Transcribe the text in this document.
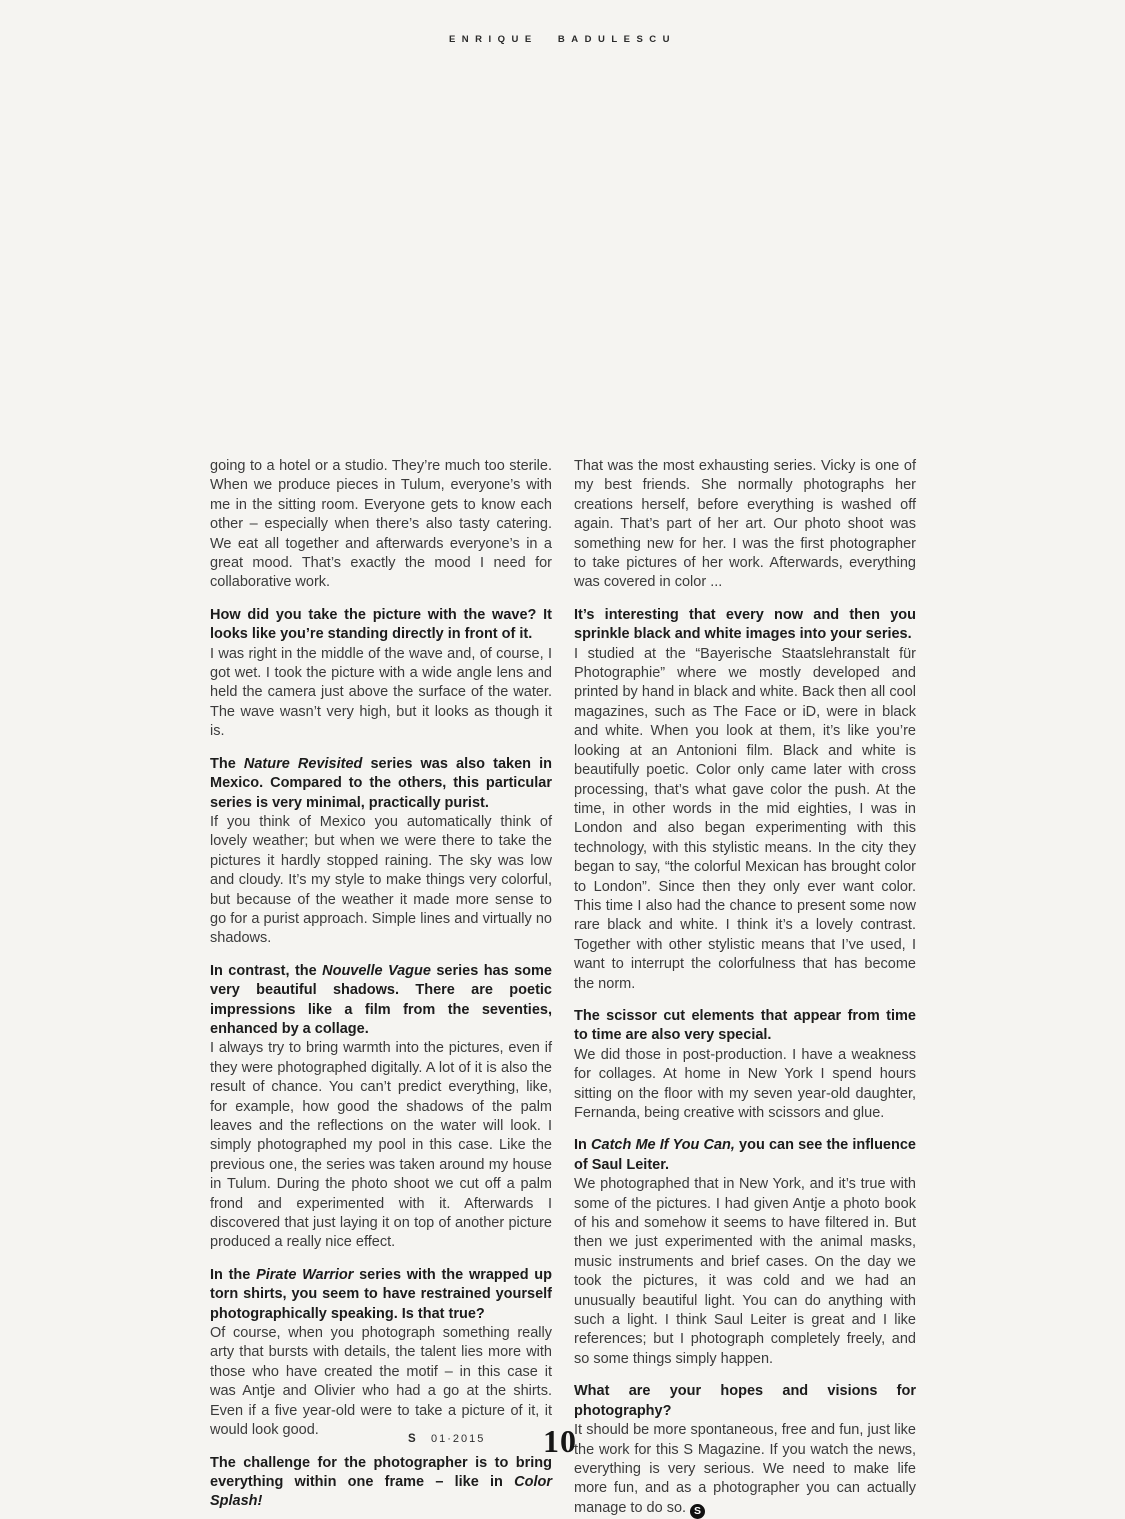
ENRIQUE BADULESCU

going to a hotel or a studio. They’re much too sterile. When we produce pieces in Tulum, everyone’s with me in the sitting room. Everyone gets to know each other – especially when there’s also tasty catering. We eat all together and afterwards everyone’s in a great mood. That’s exactly the mood I need for collaborative work.

How did you take the picture with the wave? It looks like you’re standing directly in front of it.

I was right in the middle of the wave and, of course, I got wet. I took the picture with a wide angle lens and held the camera just above the surface of the water. The wave wasn’t very high, but it looks as though it is.

The Nature Revisited series was also taken in Mexico. Compared to the others, this particular series is very minimal, practically purist.

If you think of Mexico you automatically think of lovely weather; but when we were there to take the pictures it hardly stopped raining. The sky was low and cloudy. It’s my style to make things very colorful, but because of the weather it made more sense to go for a purist approach. Simple lines and virtually no shadows.

In contrast, the Nouvelle Vague series has some very beautiful shadows. There are poetic impressions like a film from the seventies, enhanced by a collage.

I always try to bring warmth into the pictures, even if they were photographed digitally. A lot of it is also the result of chance. You can’t predict everything, like, for example, how good the shadows of the palm leaves and the reflections on the water will look. I simply photographed my pool in this case. Like the previous one, the series was taken around my house in Tulum. During the photo shoot we cut off a palm frond and experimented with it. Afterwards I discovered that just laying it on top of another picture produced a really nice effect.

In the Pirate Warrior series with the wrapped up torn shirts, you seem to have restrained yourself photographically speaking. Is that true?

Of course, when you photograph something really arty that bursts with details, the talent lies more with those who have created the motif – in this case it was Antje and Olivier who had a go at the shirts. Even if a five year-old were to take a picture of it, it would look good.

The challenge for the photographer is to bring everything within one frame – like in Color Splash!

That was the most exhausting series. Vicky is one of my best friends. She normally photographs her creations herself, before everything is washed off again. That’s part of her art. Our photo shoot was something new for her. I was the first photographer to take pictures of her work. Afterwards, everything was covered in color ...

It’s interesting that every now and then you sprinkle black and white images into your series.

I studied at the “Bayerische Staatslehranstalt für Photographie” where we mostly developed and printed by hand in black and white. Back then all cool magazines, such as The Face or iD, were in black and white. When you look at them, it’s like you’re looking at an Antonioni film. Black and white is beautifully poetic. Color only came later with cross processing, that’s what gave color the push. At the time, in other words in the mid eighties, I was in London and also began experimenting with this technology, with this stylistic means. In the city they began to say, “the colorful Mexican has brought color to London”. Since then they only ever want color. This time I also had the chance to present some now rare black and white. I think it’s a lovely contrast. Together with other stylistic means that I’ve used, I want to interrupt the colorfulness that has become the norm.

The scissor cut elements that appear from time to time are also very special.

We did those in post-production. I have a weakness for collages. At home in New York I spend hours sitting on the floor with my seven year-old daughter, Fernanda, being creative with scissors and glue.

In Catch Me If You Can, you can see the influence of Saul Leiter.

We photographed that in New York, and it’s true with some of the pictures. I had given Antje a photo book of his and somehow it seems to have filtered in. But then we just experimented with the animal masks, music instruments and brief cases. On the day we took the pictures, it was cold and we had an unusually beautiful light. You can do anything with such a light. I think Saul Leiter is great and I like references; but I photograph completely freely, and so some things simply happen.

What are your hopes and visions for photography?

It should be more spontaneous, free and fun, just like the work for this S Magazine. If you watch the news, everything is very serious. We need to make life more fun, and as a photographer you can actually manage to do so. S

S 01·2015 10
